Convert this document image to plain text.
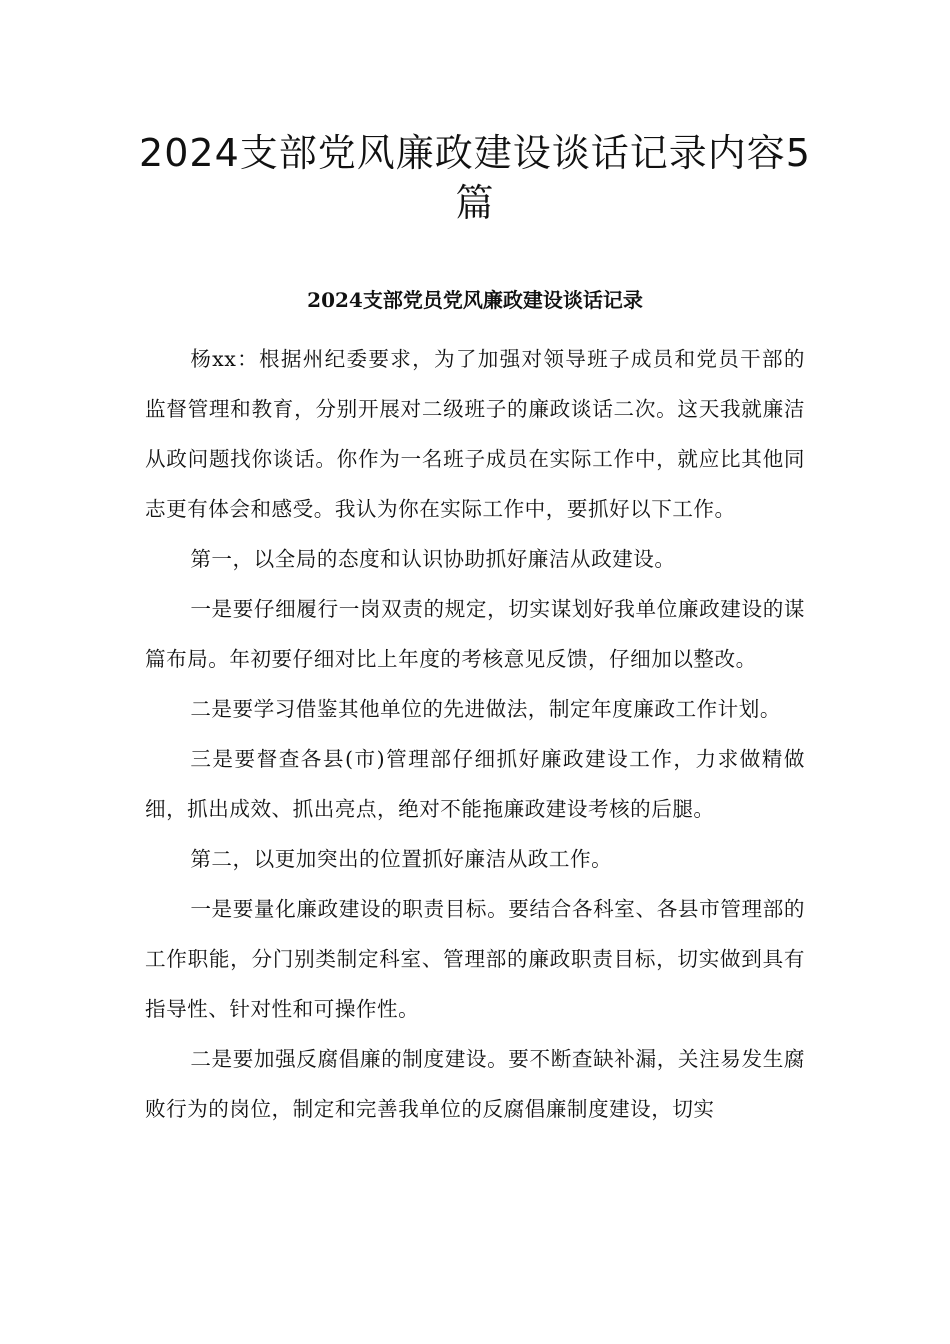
2024支部党风廉政建设谈话记录内容5篇
2024支部党员党风廉政建设谈话记录

杨xx：根据州纪委要求，为了加强对领导班子成员和党员干部的监督管理和教育，分别开展对二级班子的廉政谈话二次。这天我就廉洁从政问题找你谈话。你作为一名班子成员在实际工作中，就应比其他同志更有体会和感受。我认为你在实际工作中，要抓好以下工作。

第一，以全局的态度和认识协助抓好廉洁从政建设。

一是要仔细履行一岗双责的规定，切实谋划好我单位廉政建设的谋篇布局。年初要仔细对比上年度的考核意见反馈，仔细加以整改。

二是要学习借鉴其他单位的先进做法，制定年度廉政工作计划。

三是要督查各县(市)管理部仔细抓好廉政建设工作，力求做精做细，抓出成效、抓出亮点，绝对不能拖廉政建设考核的后腿。

第二，以更加突出的位置抓好廉洁从政工作。

一是要量化廉政建设的职责目标。要结合各科室、各县市管理部的工作职能，分门别类制定科室、管理部的廉政职责目标，切实做到具有指导性、针对性和可操作性。

二是要加强反腐倡廉的制度建设。要不断查缺补漏，关注易发生腐败行为的岗位，制定和完善我单位的反腐倡廉制度建设，切实
